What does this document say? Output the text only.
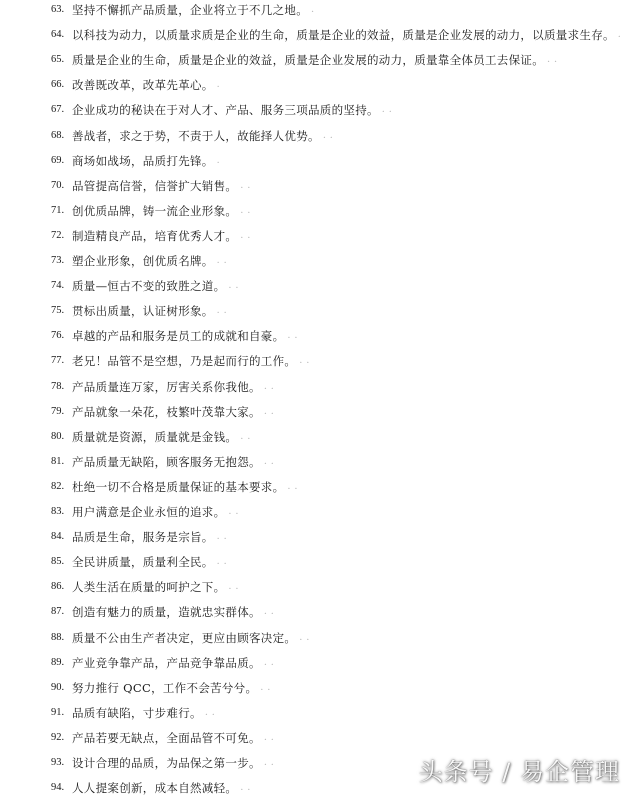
63. 坚持不懈抓产品质量，企业将立于不几之地。 ．
64. 以科技为动力，以质量求质是企业的生命，质量是企业的效益，质量是企业发展的动力，以质量求生存。 ．
65. 质量是企业的生命，质量是企业的效益，质量是企业发展的动力，质量靠全体员工去保证。 ．．
66. 改善既改革，改革先革心。 ．
67. 企业成功的秘诀在于对人才、产品、服务三项品质的坚持。 ．．
68. 善战者，求之于势，不责于人，故能择人优势。 ．．
69. 商场如战场，品质打先锋。 ．
70. 品管提高信誉，信誉扩大销售。 ．．
71. 创优质品牌，铸一流企业形象。 ．．
72. 制造精良产品，培育优秀人才。 ．．
73. 塑企业形象，创优质名牌。 ．．
74. 质量—恒古不变的致胜之道。 ．．
75. 贯标出质量，认证树形象。 ．．
76. 卓越的产品和服务是员工的成就和自豪。 ．．
77. 老兄！品管不是空想，乃是起而行的工作。 ．．
78. 产品质量连万家，厉害关系你我他。 ．．
79. 产品就象一朵花，枝繁叶茂靠大家。 ．．
80. 质量就是资源，质量就是金钱。 ．．
81. 产品质量无缺陷，顾客服务无抱怨。 ．．
82. 杜绝一切不合格是质量保证的基本要求。 ．．
83. 用户满意是企业永恒的追求。 ．．
84. 品质是生命，服务是宗旨。 ．．
85. 全民讲质量，质量利全民。 ．．
86. 人类生活在质量的呵护之下。 ．．
87. 创造有魅力的质量，造就忠实群体。 ．．
88. 质量不公由生产者决定，更应由顾客决定。 ．．
89. 产业竞争靠产品，产品竞争靠品质。 ．．
90. 努力推行 QCC，工作不会苦兮兮。 ．．
91. 品质有缺陷，寸步难行。 ．．
92. 产品若要无缺点，全面品管不可免。 ．．
93. 设计合理的品质，为品保之第一步。 ．．
94. 人人提案创新，成本自然减轻。 ．．
头条号 / 易企管理
